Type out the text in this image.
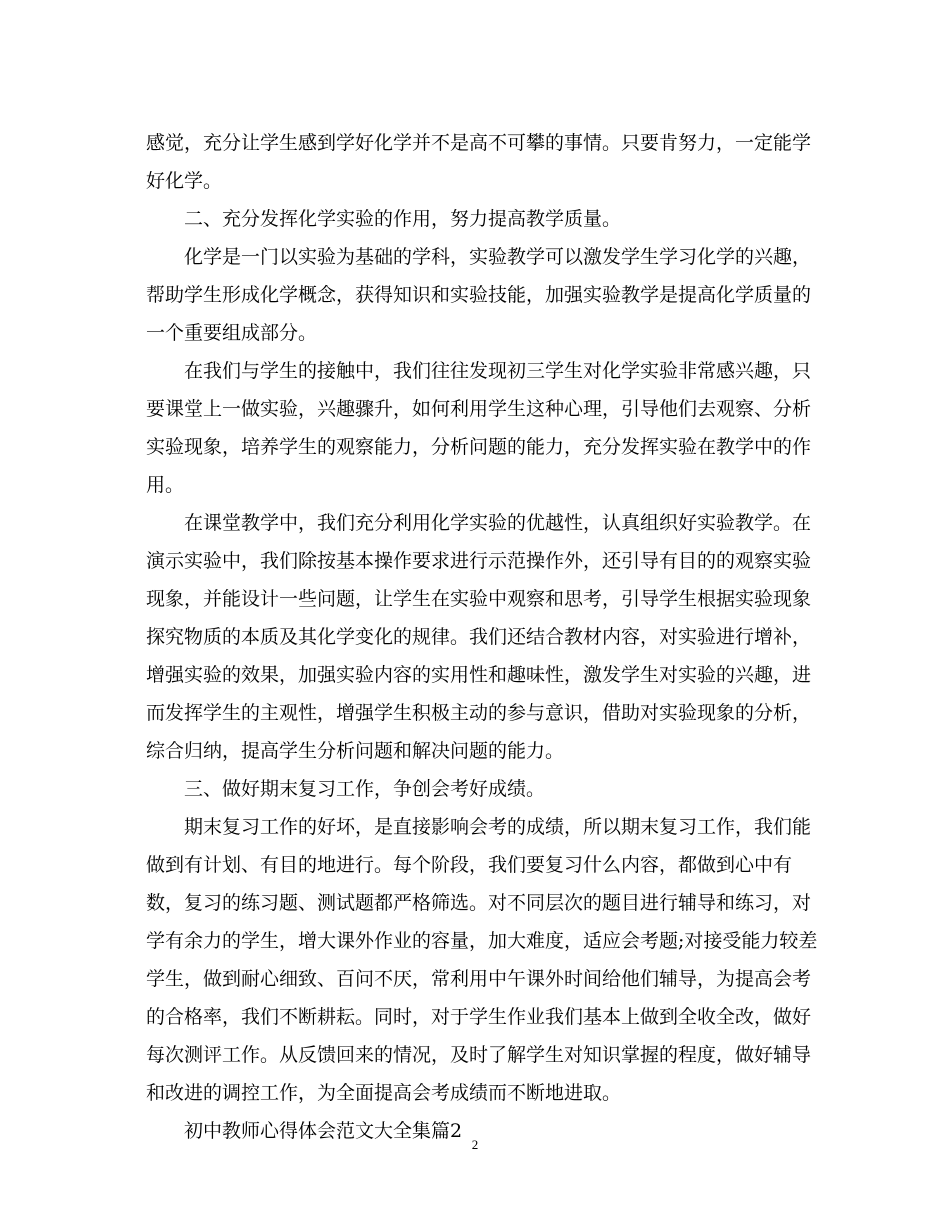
感觉，充分让学生感到学好化学并不是高不可攀的事情。只要肯努力，一定能学
好化学。
二、充分发挥化学实验的作用，努力提高教学质量。
化学是一门以实验为基础的学科，实验教学可以激发学生学习化学的兴趣，
帮助学生形成化学概念，获得知识和实验技能，加强实验教学是提高化学质量的
一个重要组成部分。
在我们与学生的接触中，我们往往发现初三学生对化学实验非常感兴趣，只
要课堂上一做实验，兴趣骤升，如何利用学生这种心理，引导他们去观察、分析
实验现象，培养学生的观察能力，分析问题的能力，充分发挥实验在教学中的作
用。
在课堂教学中，我们充分利用化学实验的优越性，认真组织好实验教学。在
演示实验中，我们除按基本操作要求进行示范操作外，还引导有目的的观察实验
现象，并能设计一些问题，让学生在实验中观察和思考，引导学生根据实验现象
探究物质的本质及其化学变化的规律。我们还结合教材内容，对实验进行增补，
增强实验的效果，加强实验内容的实用性和趣味性，激发学生对实验的兴趣，进
而发挥学生的主观性，增强学生积极主动的参与意识，借助对实验现象的分析，
综合归纳，提高学生分析问题和解决问题的能力。
三、做好期末复习工作，争创会考好成绩。
期末复习工作的好坏，是直接影响会考的成绩，所以期末复习工作，我们能
做到有计划、有目的地进行。每个阶段，我们要复习什么内容，都做到心中有
数，复习的练习题、测试题都严格筛选。对不同层次的题目进行辅导和练习，对
学有余力的学生，增大课外作业的容量，加大难度，适应会考题;对接受能力较差
学生，做到耐心细致、百问不厌，常利用中午课外时间给他们辅导，为提高会考
的合格率，我们不断耕耘。同时，对于学生作业我们基本上做到全收全改，做好
每次测评工作。从反馈回来的情况，及时了解学生对知识掌握的程度，做好辅导
和改进的调控工作，为全面提高会考成绩而不断地进取。
初中教师心得体会范文大全集篇2
2
